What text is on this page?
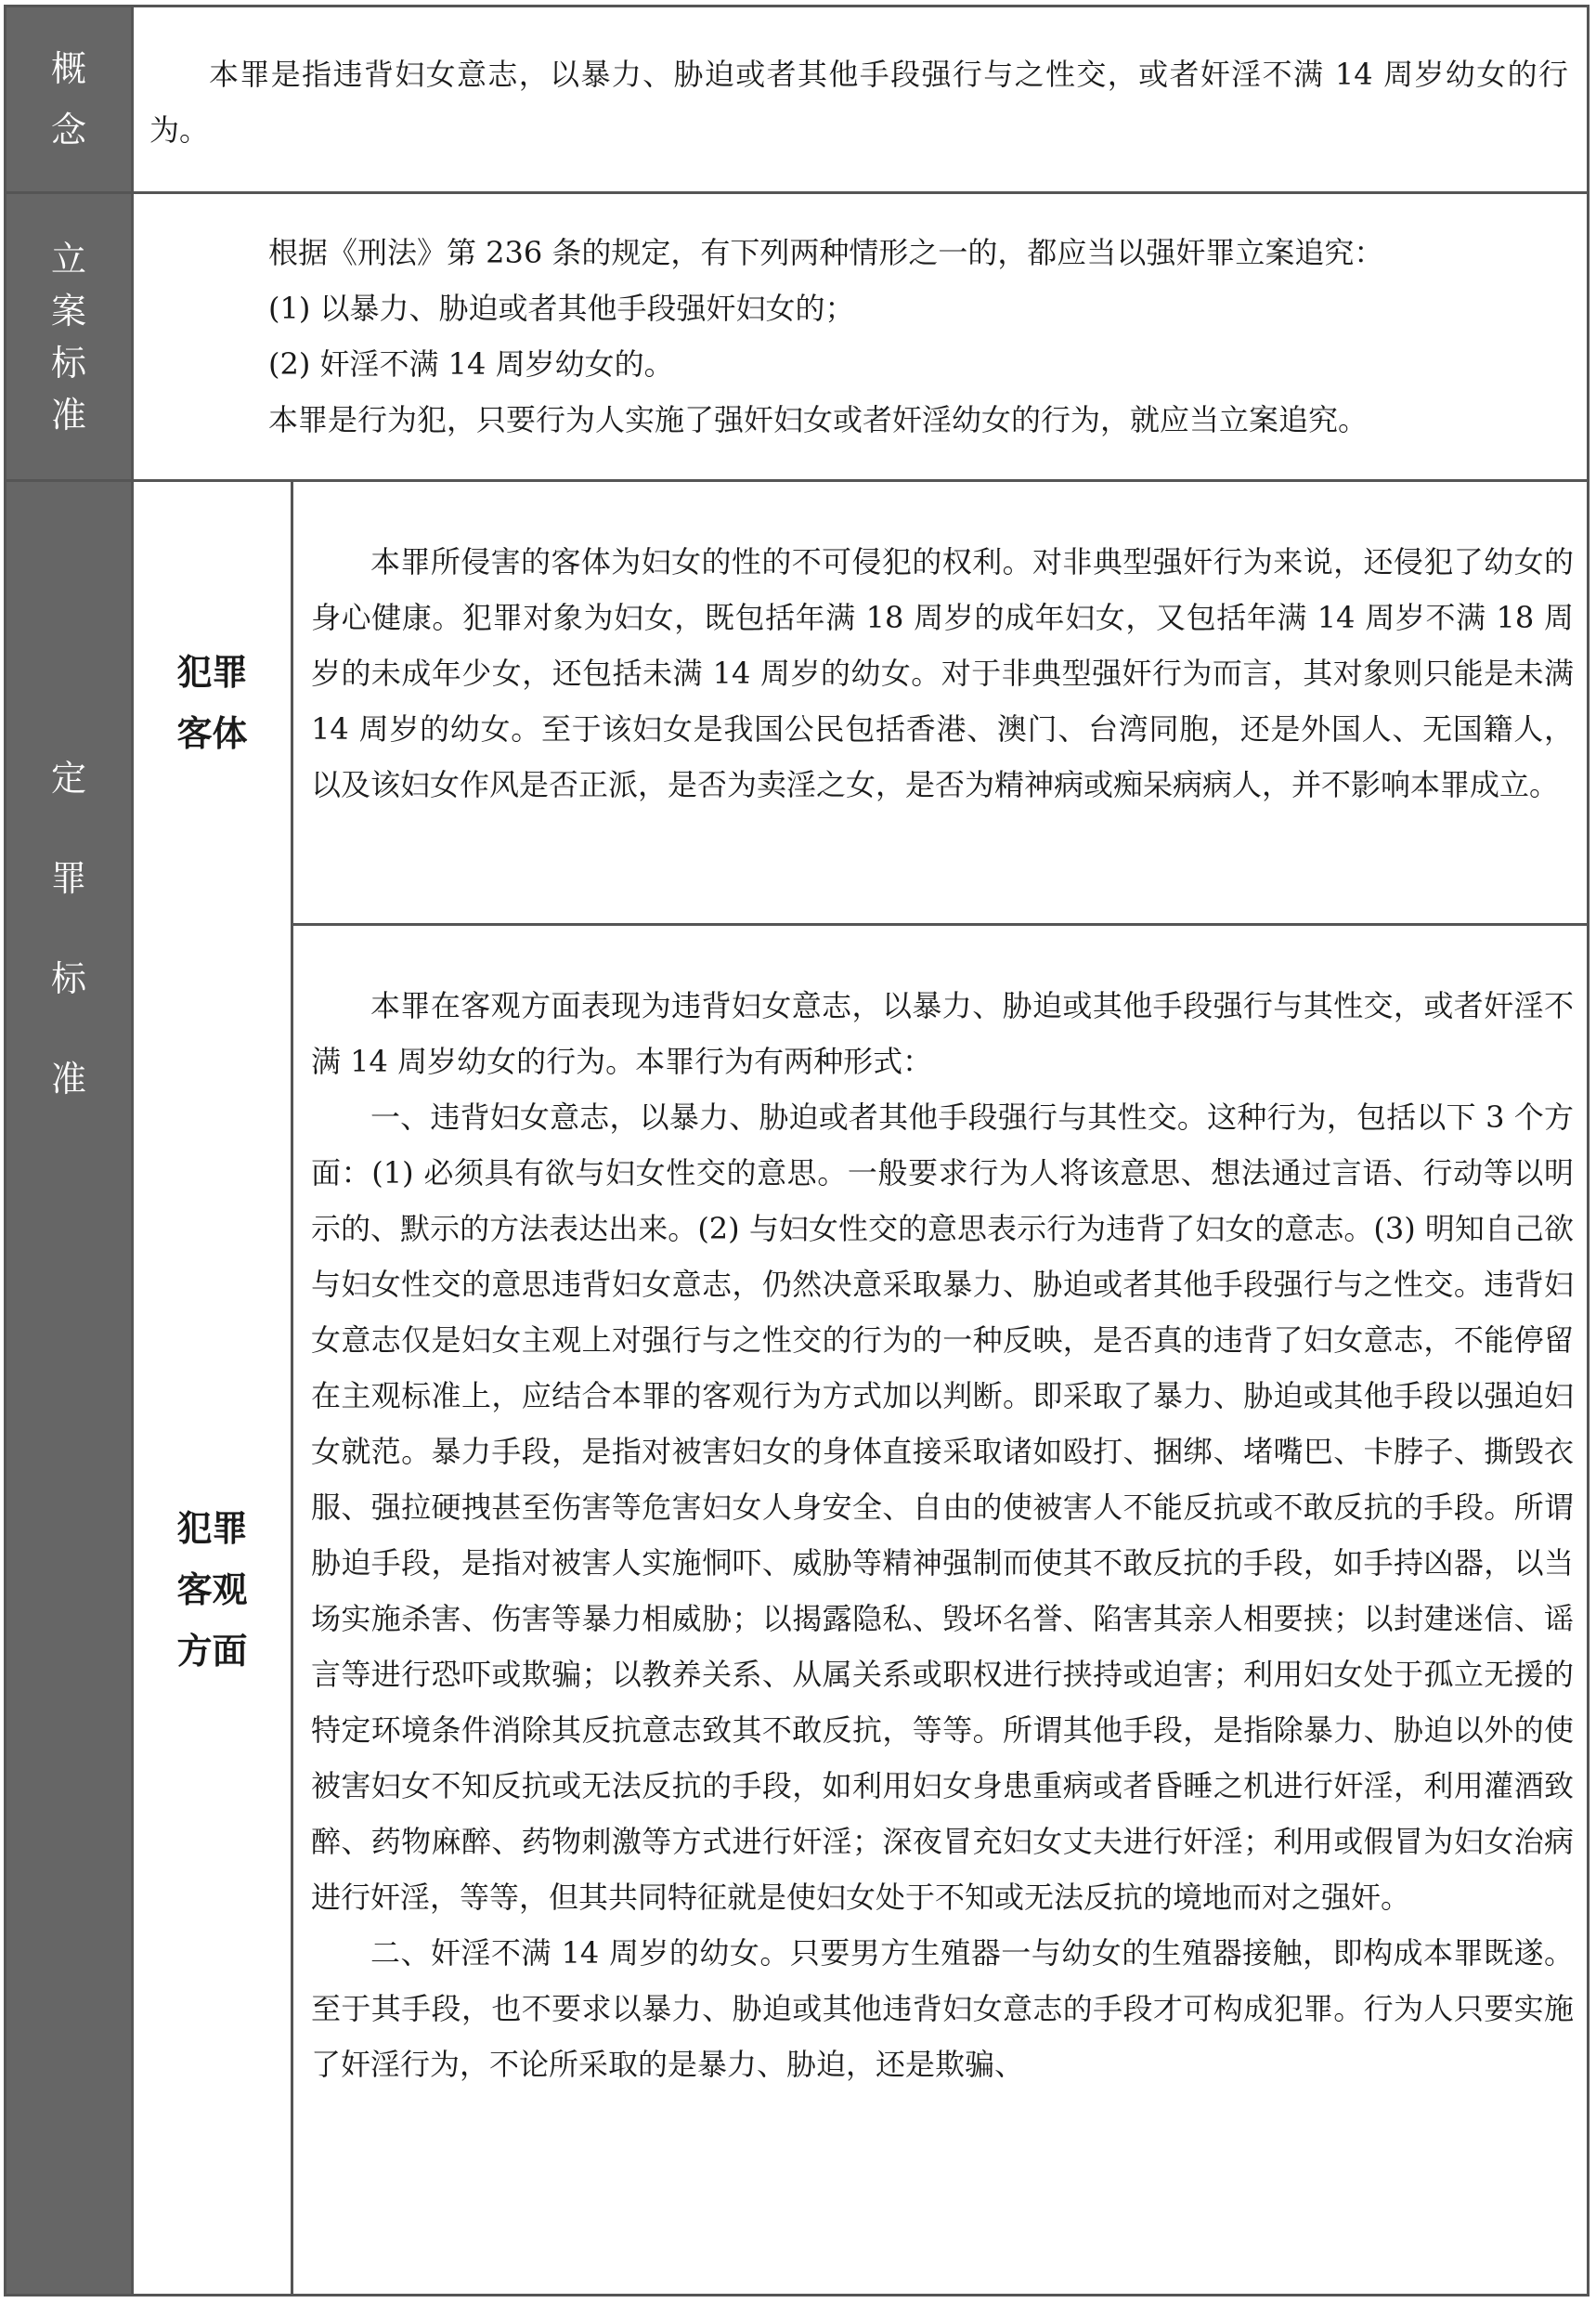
概
念
立
案
标
准
定
罪
标
准

本罪是指违背妇女意志，以暴力、胁迫或者其他手段强行与之性交，或者奸淫不满 14 周岁幼女的行为。

根据《刑法》第 236 条的规定，有下列两种情形之一的，都应当以强奸罪立案追究：

(1) 以暴力、胁迫或者其他手段强奸妇女的；

(2) 奸淫不满 14 周岁幼女的。

本罪是行为犯，只要行为人实施了强奸妇女或者奸淫幼女的行为，就应当立案追究。

犯罪
客体

本罪所侵害的客体为妇女的性的不可侵犯的权利。对非典型强奸行为来说，还侵犯了幼女的身心健康。犯罪对象为妇女，既包括年满 18 周岁的成年妇女，又包括年满 14 周岁不满 18 周岁的未成年少女，还包括未满 14 周岁的幼女。对于非典型强奸行为而言，其对象则只能是未满 14 周岁的幼女。至于该妇女是我国公民包括香港、澳门、台湾同胞，还是外国人、无国籍人，以及该妇女作风是否正派，是否为卖淫之女，是否为精神病或痴呆病病人，并不影响本罪成立。

犯罪
客观
方面

本罪在客观方面表现为违背妇女意志，以暴力、胁迫或其他手段强行与其性交，或者奸淫不满 14 周岁幼女的行为。本罪行为有两种形式：

一、违背妇女意志，以暴力、胁迫或者其他手段强行与其性交。这种行为，包括以下 3 个方面：(1) 必须具有欲与妇女性交的意思。一般要求行为人将该意思、想法通过言语、行动等以明示的、默示的方法表达出来。(2) 与妇女性交的意思表示行为违背了妇女的意志。(3) 明知自己欲与妇女性交的意思违背妇女意志，仍然决意采取暴力、胁迫或者其他手段强行与之性交。违背妇女意志仅是妇女主观上对强行与之性交的行为的一种反映，是否真的违背了妇女意志，不能停留在主观标准上，应结合本罪的客观行为方式加以判断。即采取了暴力、胁迫或其他手段以强迫妇女就范。暴力手段，是指对被害妇女的身体直接采取诸如殴打、捆绑、堵嘴巴、卡脖子、撕毁衣服、强拉硬拽甚至伤害等危害妇女人身安全、自由的使被害人不能反抗或不敢反抗的手段。所谓胁迫手段，是指对被害人实施恫吓、威胁等精神强制而使其不敢反抗的手段，如手持凶器，以当场实施杀害、伤害等暴力相威胁；以揭露隐私、毁坏名誉、陷害其亲人相要挟；以封建迷信、谣言等进行恐吓或欺骗；以教养关系、从属关系或职权进行挟持或迫害；利用妇女处于孤立无援的特定环境条件消除其反抗意志致其不敢反抗，等等。所谓其他手段，是指除暴力、胁迫以外的使被害妇女不知反抗或无法反抗的手段，如利用妇女身患重病或者昏睡之机进行奸淫，利用灌酒致醉、药物麻醉、药物刺激等方式进行奸淫；深夜冒充妇女丈夫进行奸淫；利用或假冒为妇女治病进行奸淫，等等，但其共同特征就是使妇女处于不知或无法反抗的境地而对之强奸。

二、奸淫不满 14 周岁的幼女。只要男方生殖器一与幼女的生殖器接触，即构成本罪既遂。至于其手段，也不要求以暴力、胁迫或其他违背妇女意志的手段才可构成犯罪。行为人只要实施了奸淫行为，不论所采取的是暴力、胁迫，还是欺骗、
